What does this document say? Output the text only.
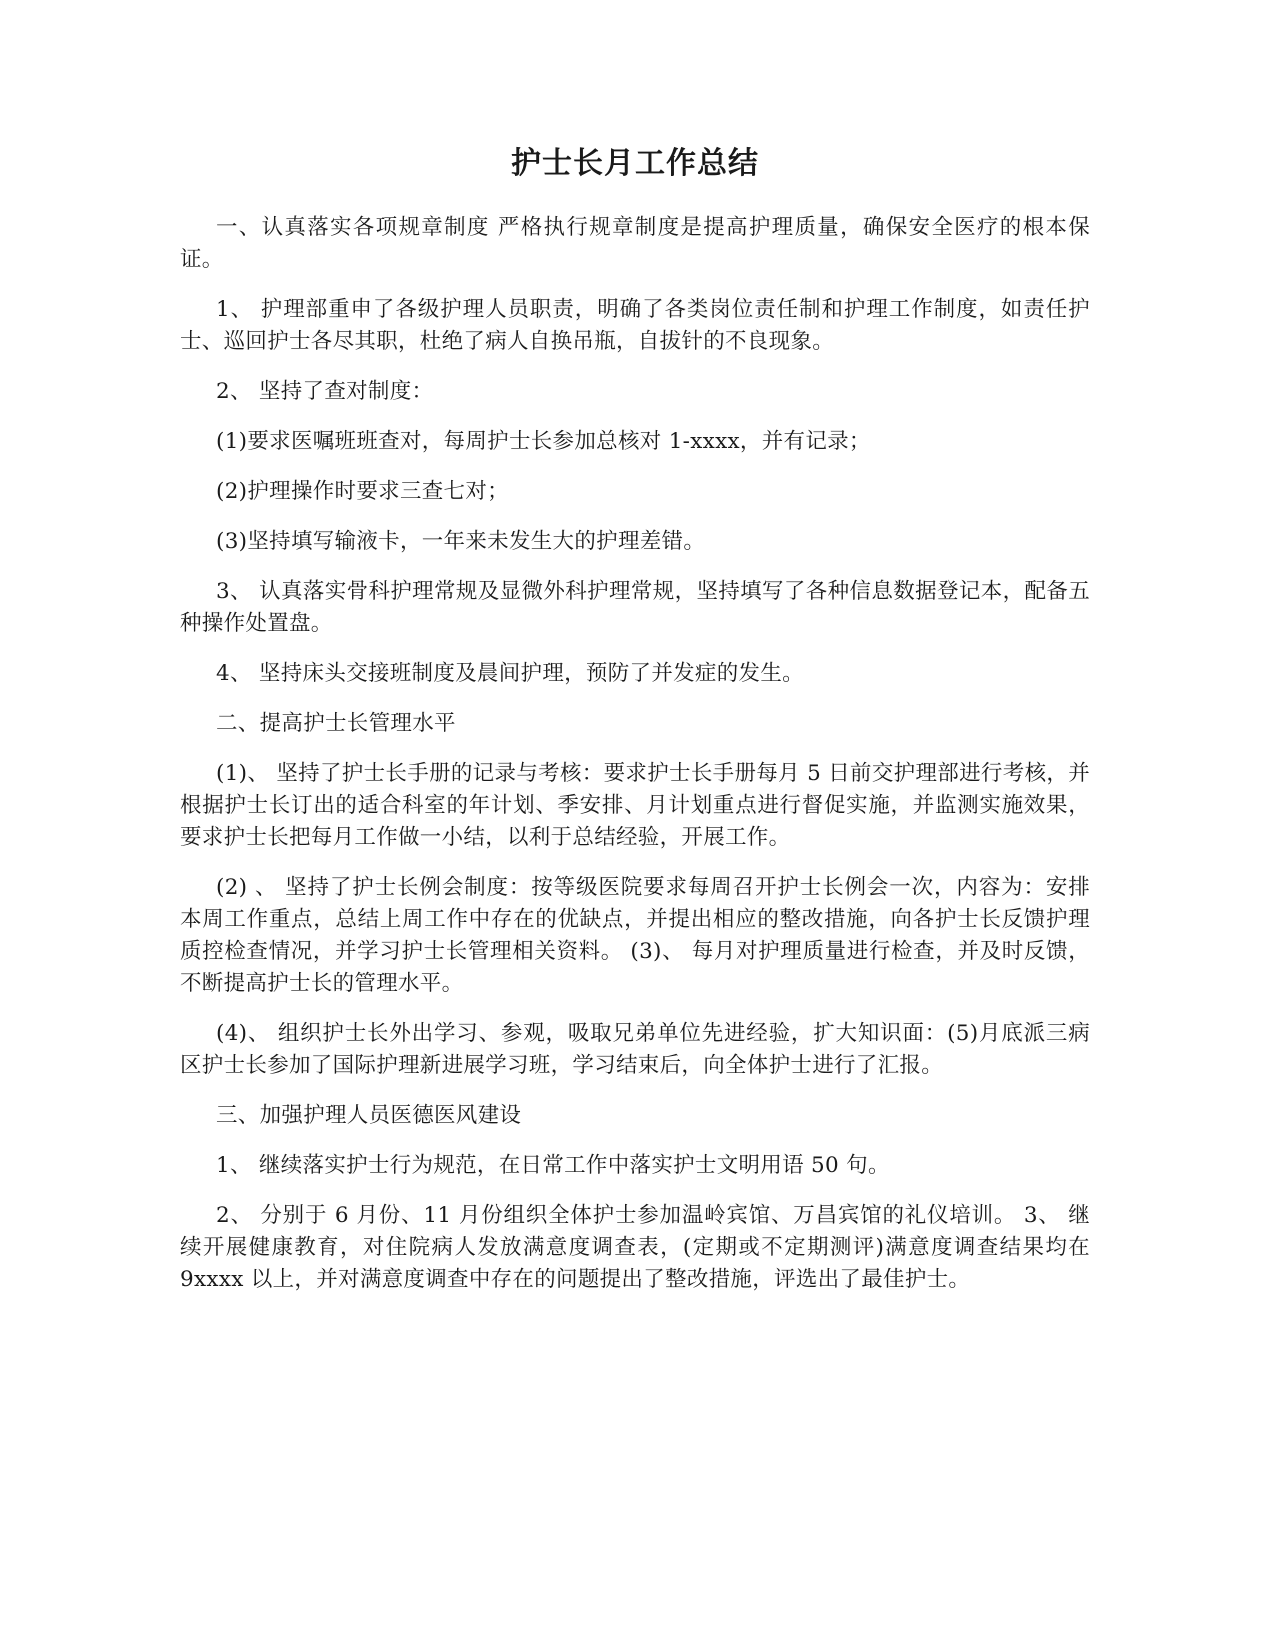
护士长月工作总结

一、认真落实各项规章制度 严格执行规章制度是提高护理质量，确保安全医疗的根本保证。

1、 护理部重申了各级护理人员职责，明确了各类岗位责任制和护理工作制度，如责任护士、巡回护士各尽其职，杜绝了病人自换吊瓶，自拔针的不良现象。

2、 坚持了查对制度：

(1)要求医嘱班班查对，每周护士长参加总核对 1-xxxx，并有记录；

(2)护理操作时要求三查七对；

(3)坚持填写输液卡，一年来未发生大的护理差错。

3、 认真落实骨科护理常规及显微外科护理常规，坚持填写了各种信息数据登记本，配备五种操作处置盘。

4、 坚持床头交接班制度及晨间护理，预防了并发症的发生。

二、提高护士长管理水平

(1)、 坚持了护士长手册的记录与考核：要求护士长手册每月 5 日前交护理部进行考核，并根据护士长订出的适合科室的年计划、季安排、月计划重点进行督促实施，并监测实施效果，要求护士长把每月工作做一小结，以利于总结经验，开展工作。

(2) 、 坚持了护士长例会制度：按等级医院要求每周召开护士长例会一次，内容为：安排本周工作重点，总结上周工作中存在的优缺点，并提出相应的整改措施，向各护士长反馈护理质控检查情况，并学习护士长管理相关资料。 (3)、 每月对护理质量进行检查，并及时反馈，不断提高护士长的管理水平。

(4)、 组织护士长外出学习、参观，吸取兄弟单位先进经验，扩大知识面：(5)月底派三病区护士长参加了国际护理新进展学习班，学习结束后，向全体护士进行了汇报。

三、加强护理人员医德医风建设

1、 继续落实护士行为规范，在日常工作中落实护士文明用语 50 句。

2、 分别于 6 月份、11 月份组织全体护士参加温岭宾馆、万昌宾馆的礼仪培训。 3、 继续开展健康教育，对住院病人发放满意度调查表，(定期或不定期测评)满意度调查结果均在 9xxxx 以上，并对满意度调查中存在的问题提出了整改措施，评选出了最佳护士。
